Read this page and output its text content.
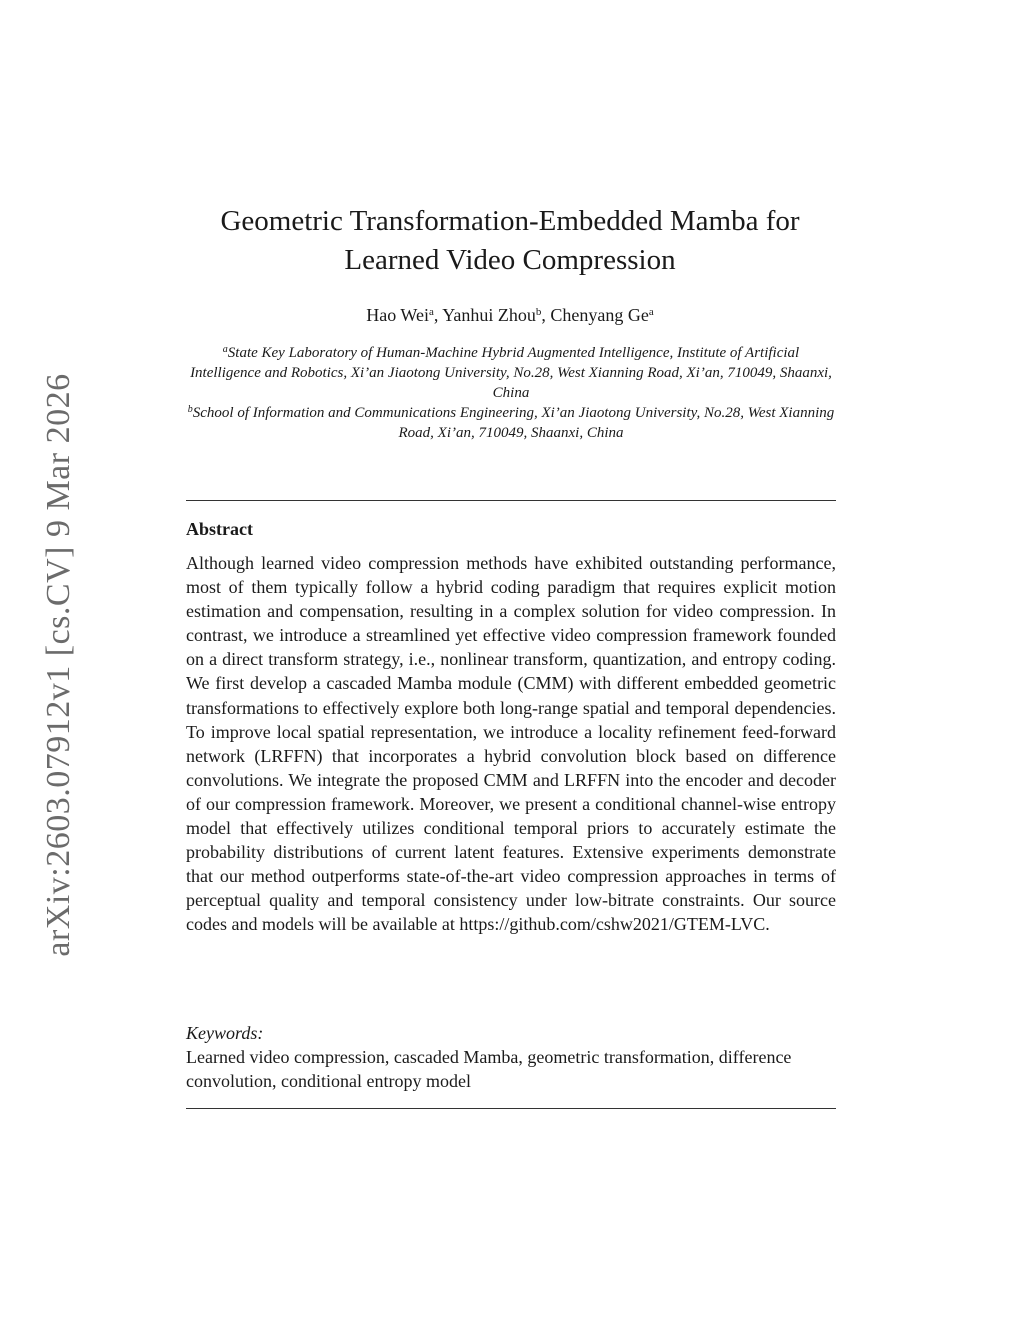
arXiv:2603.07912v1 [cs.CV] 9 Mar 2026
Geometric Transformation-Embedded Mamba for
Learned Video Compression
Hao Wei$^a$, Yanhui Zhou$^b$, Chenyang Ge$^a$
$^a$State Key Laboratory of Human-Machine Hybrid Augmented Intelligence, Institute of Artificial Intelligence and Robotics, Xi’an Jiaotong University, No.28, West Xianning Road, Xi’an, 710049, Shaanxi, China
$^b$School of Information and Communications Engineering, Xi’an Jiaotong University, No.28, West Xianning Road, Xi’an, 710049, Shaanxi, China
Abstract

Although learned video compression methods have exhibited outstanding performance, most of them typically follow a hybrid coding paradigm that requires explicit motion estimation and compensation, resulting in a complex solution for video compression. In contrast, we introduce a streamlined yet effective video compression framework founded on a direct transform strategy, i.e., nonlinear transform, quantization, and entropy coding. We first develop a cascaded Mamba module (CMM) with different embedded geometric transformations to effectively explore both long-range spatial and temporal dependencies. To improve local spatial representation, we introduce a locality refinement feed-forward network (LRFFN) that incorporates a hybrid convolution block based on difference convolutions. We integrate the proposed CMM and LRFFN into the encoder and decoder of our compression framework. Moreover, we present a conditional channel-wise entropy model that effectively utilizes conditional temporal priors to accurately estimate the probability distributions of current latent features. Extensive experiments demonstrate that our method outperforms state-of-the-art video compression approaches in terms of perceptual quality and temporal consistency under low-bitrate constraints. Our source codes and models will be available at https://github.com/cshw2021/GTEM-LVC.

Keywords:
Learned video compression, cascaded Mamba, geometric transformation, difference convolution, conditional entropy model
